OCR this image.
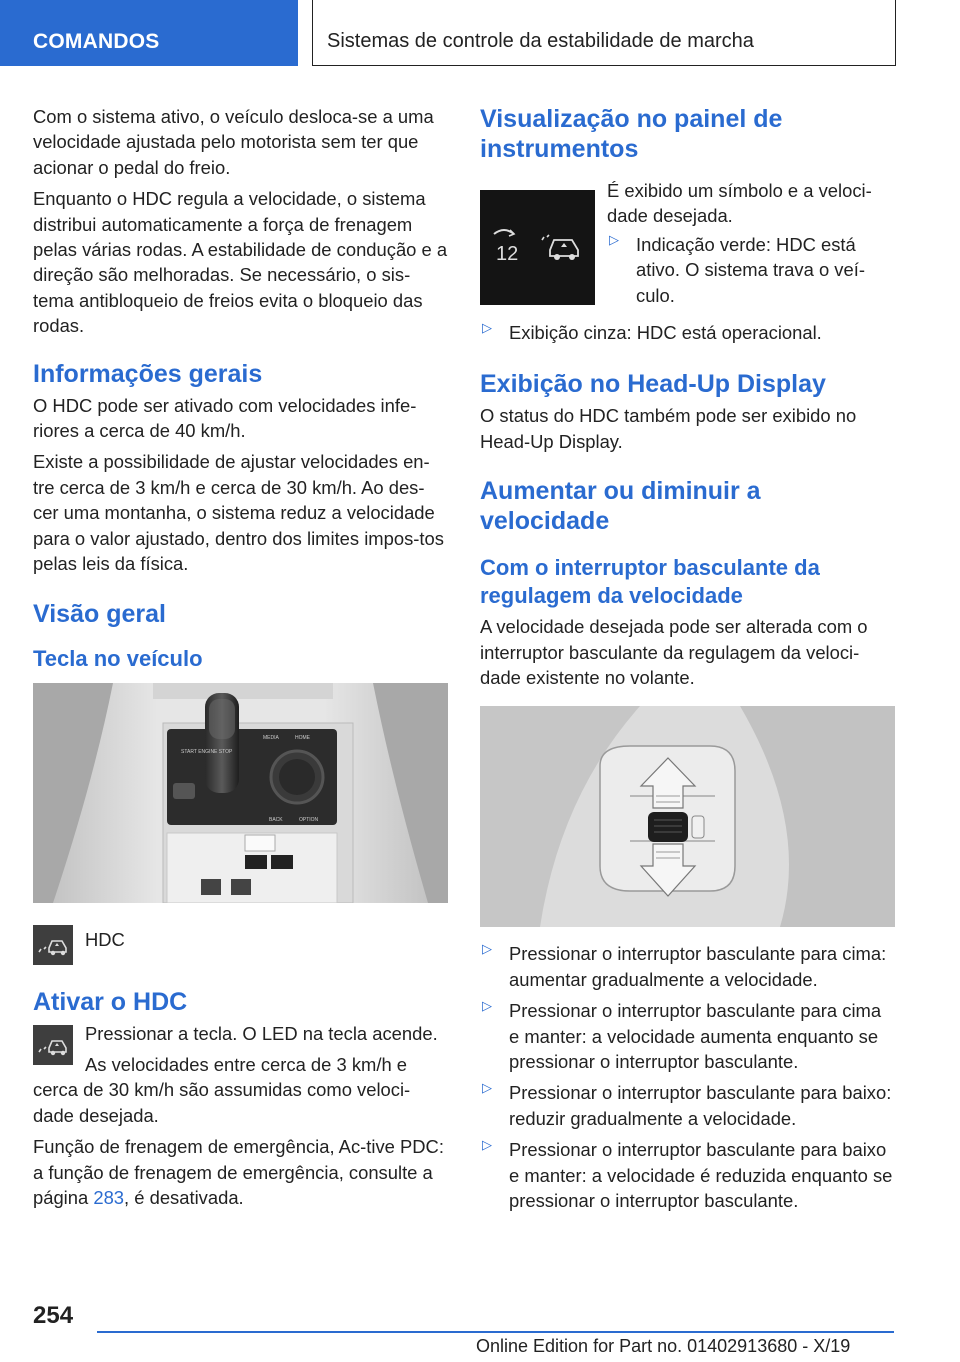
COMANDOS	Sistemas de controle da estabilidade de marcha

Com o sistema ativo, o veículo desloca-se a uma velocidade ajustada pelo motorista sem ter que acionar o pedal do freio.

Enquanto o HDC regula a velocidade, o sistema distribui automaticamente a força de frenagem pelas várias rodas. A estabilidade de condução e a direção são melhoradas. Se necessário, o sis-tema antibloqueio de freios evita o bloqueio das rodas.

Informações gerais

O HDC pode ser ativado com velocidades infe-riores a cerca de 40 km/h.

Existe a possibilidade de ajustar velocidades en-tre cerca de 3 km/h e cerca de 30 km/h. Ao des-cer uma montanha, o sistema reduz a velocidade para o valor ajustado, dentro dos limites impos-tos pelas leis da física.

Visão geral
Tecla no veículo
START ENGINE STOP
MEDIA	HOME
BACK	OPTION

HDC

Ativar o HDC

Pressionar a tecla. O LED na tecla acende.

As velocidades entre cerca de 3 km/h e cerca de 30 km/h são assumidas como veloci-dade desejada.

Função de frenagem de emergência, Ac-tive PDC: a função de frenagem de emergência, consulte a página 283, é desativada.

Visualização no painel de instrumentos
12

É exibido um símbolo e a veloci-dade desejada.

▷ Indicação verde: HDC está ativo. O sistema trava o veí-culo.

▷ Exibição cinza: HDC está operacional.

Exibição no Head-Up Display

O status do HDC também pode ser exibido no Head-Up Display.

Aumentar ou diminuir a velocidade
Com o interruptor basculante da regulagem da velocidade

A velocidade desejada pode ser alterada com o interruptor basculante da regulagem da veloci-dade existente no volante.

▷ Pressionar o interruptor basculante para cima: aumentar gradualmente a velocidade.

▷ Pressionar o interruptor basculante para cima e manter: a velocidade aumenta enquanto se pressionar o interruptor basculante.

▷ Pressionar o interruptor basculante para baixo: reduzir gradualmente a velocidade.

▷ Pressionar o interruptor basculante para baixo e manter: a velocidade é reduzida enquanto se pressionar o interruptor basculante.

254
Online Edition for Part no. 01402913680 - X/19
